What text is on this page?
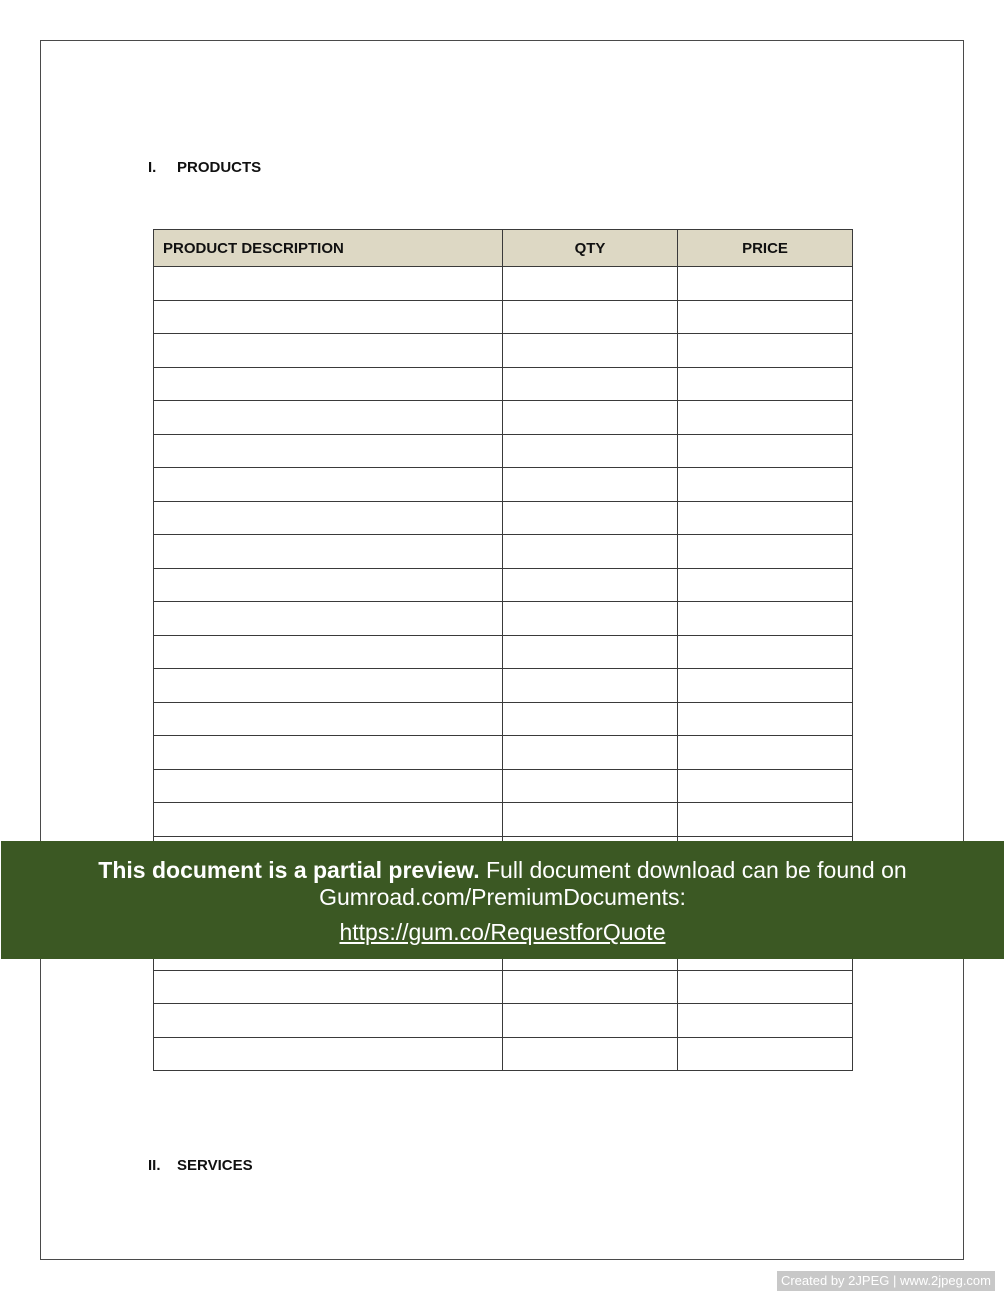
I.	PRODUCTS
PRODUCT DESCRIPTION	QTY	PRICE

II.	SERVICES
This document is a partial preview. Full document download can be found on
Gumroad.com/PremiumDocuments:
https://gum.co/RequestforQuote
Created by 2JPEG | www.2jpeg.com
